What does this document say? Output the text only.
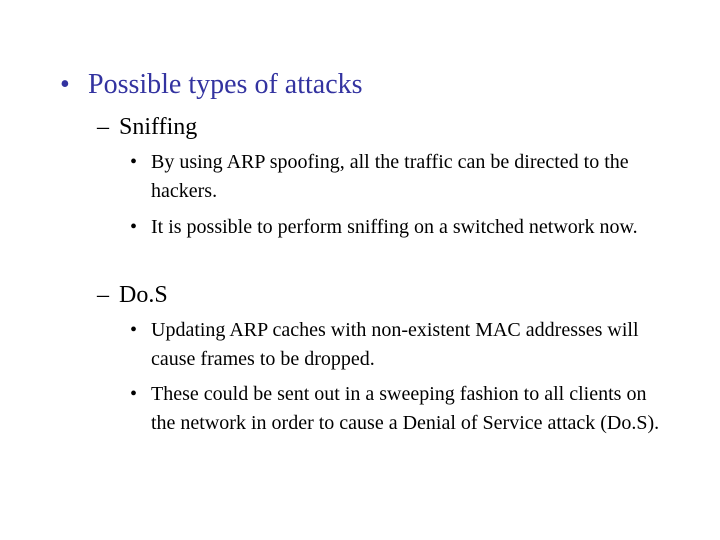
• Possible types of attacks
– Sniffing
• By using ARP spoofing, all the traffic can be directed to the hackers.
• It is possible to perform sniffing on a switched network now.
– Do.S
• Updating ARP caches with non-existent MAC addresses will cause frames to be dropped.
• These could be sent out in a sweeping fashion to all clients on the network in order to cause a Denial of Service attack (Do.S).
